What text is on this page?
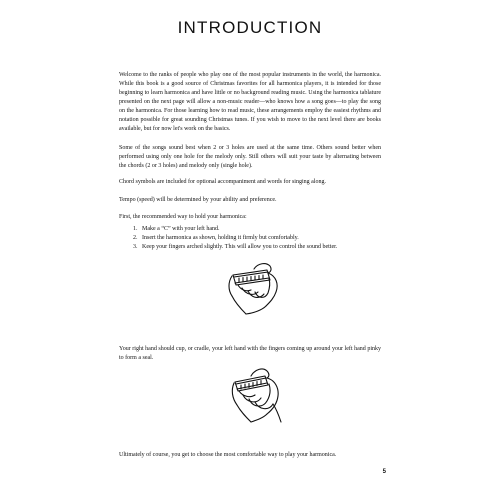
INTRODUCTION
Welcome to the ranks of people who play one of the most popular instruments in the world, the harmonica. While this book is a good source of Christmas favorites for all harmonica players, it is intended for those beginning to learn harmonica and have little or no background reading music. Using the harmonica tablature presented on the next page will allow a non-music reader—who knows how a song goes—to play the song on the harmonica. For those learning how to read music, these arrangements employ the easiest rhythms and notation possible for great sounding Christmas tunes. If you wish to move to the next level there are books available, but for now let's work on the basics.
Some of the songs sound best when 2 or 3 holes are used at the same time. Others sound better when performed using only one hole for the melody only. Still others will suit your taste by alternating between the chords (2 or 3 holes) and melody only (single hole).
Chord symbols are included for optional accompaniment and words for singing along.
Tempo (speed) will be determined by your ability and preference.
First, the recommended way to hold your harmonica:
1. Make a “C” with your left hand.
2. Insert the harmonica as shown, holding it firmly but comfortably.
3. Keep your fingers arched slightly. This will allow you to control the sound better.
Your right hand should cup, or cradle, your left hand with the fingers coming up around your left hand pinky to form a seal.
Ultimately of course, you get to choose the most comfortable way to play your harmonica.
5
